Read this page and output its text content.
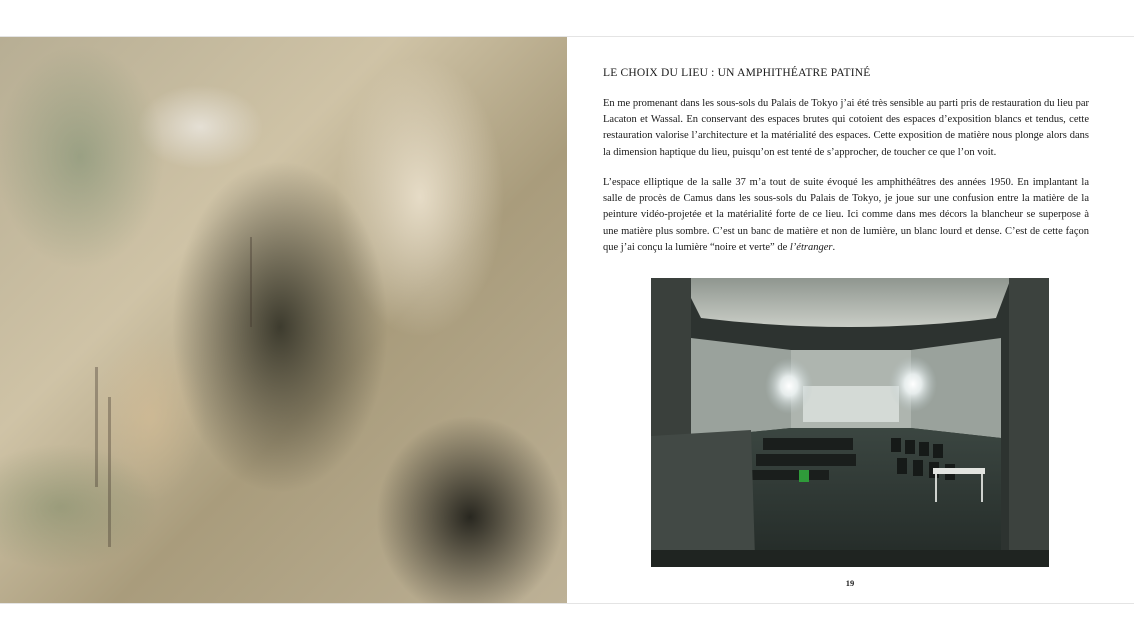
LE CHOIX DU LIEU : UN AMPHITHÉATRE PATINÉ

En me promenant dans les sous-sols du Palais de Tokyo j’ai été très sensible au parti pris de restauration du lieu par Lacaton et Wassal. En conservant des espaces brutes qui cotoient des espaces d’exposition blancs et tendus, cette restauration valorise l’architecture et la matérialité des espaces. Cette exposition de matière nous plonge alors dans la dimension haptique du lieu, puisqu’on est tenté de s’approcher, de toucher ce que l’on voit.

L’espace elliptique de la salle 37 m’a tout de suite évoqué les amphithéâtres des années 1950. En implantant la salle de procès de Camus dans les sous-sols du Palais de Tokyo, je joue sur une confusion entre la matière de la peinture vidéo-projetée et la matérialité forte de ce lieu. Ici comme dans mes décors la blancheur se superpose à une matière plus sombre. C’est un banc de matière et non de lumière, un blanc lourd et dense. C’est de cette façon que j’ai conçu la lumière “noire et verte” de l’étranger.

19
